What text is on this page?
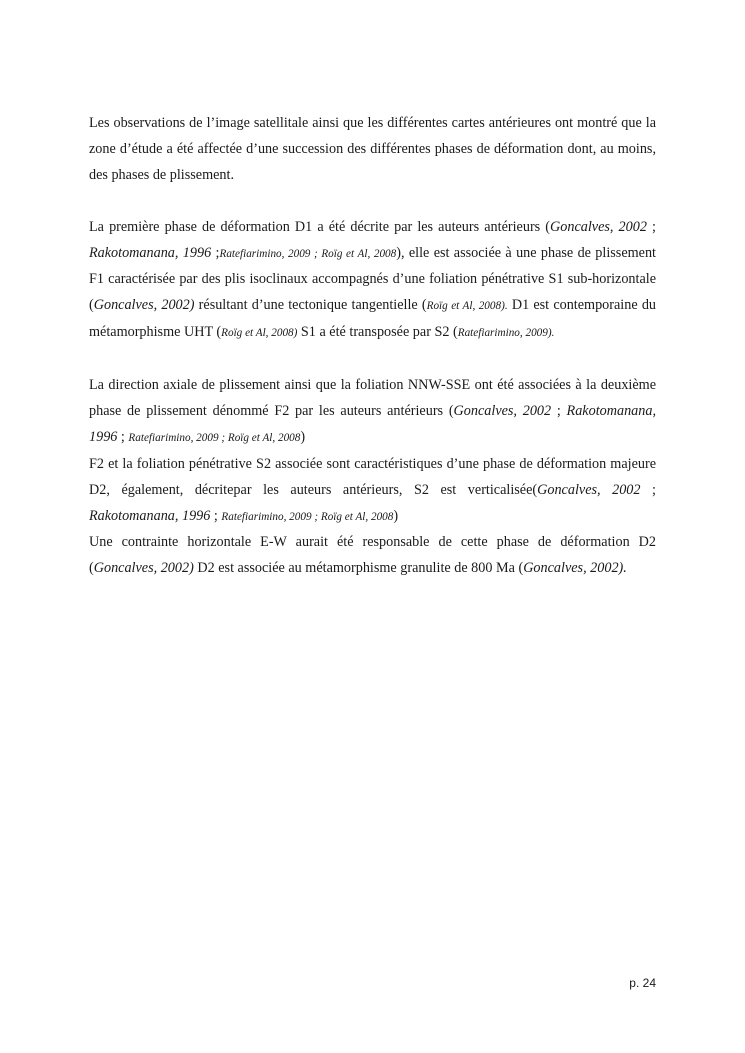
Les observations de l’image satellitale ainsi que les différentes cartes antérieures ont montré que la zone d’étude a été affectée d’une succession des différentes phases de déformation dont, au moins, des phases de plissement.

La première phase de déformation D1 a été décrite par les auteurs antérieurs (Goncalves, 2002 ; Rakotomanana, 1996 ;Ratefiarimino, 2009 ; Roïg et Al, 2008), elle est associée à une phase de plissement F1 caractérisée par des plis isoclinaux accompagnés d’une foliation pénétrative S1 sub-horizontale (Goncalves, 2002) résultant d’une tectonique tangentielle (Roïg et Al, 2008). D1 est contemporaine du métamorphisme UHT (Roïg et Al, 2008) S1 a été transposée par S2 (Ratefiarimino, 2009).

La direction axiale de plissement ainsi que la foliation NNW-SSE ont été associées à la deuxième phase de plissement dénommé F2 par les auteurs antérieurs (Goncalves, 2002 ; Rakotomanana, 1996 ; Ratefiarimino, 2009 ; Roïg et Al, 2008)

F2 et la foliation pénétrative S2 associée sont caractéristiques d’une phase de déformation majeure D2, également, décritepar les auteurs antérieurs, S2 est verticalisée(Goncalves, 2002 ; Rakotomanana, 1996 ; Ratefiarimino, 2009 ; Roïg et Al, 2008)

Une contrainte horizontale E-W aurait été responsable de cette phase de déformation D2 (Goncalves, 2002) D2 est associée au métamorphisme granulite de 800 Ma (Goncalves, 2002).

p. 24
